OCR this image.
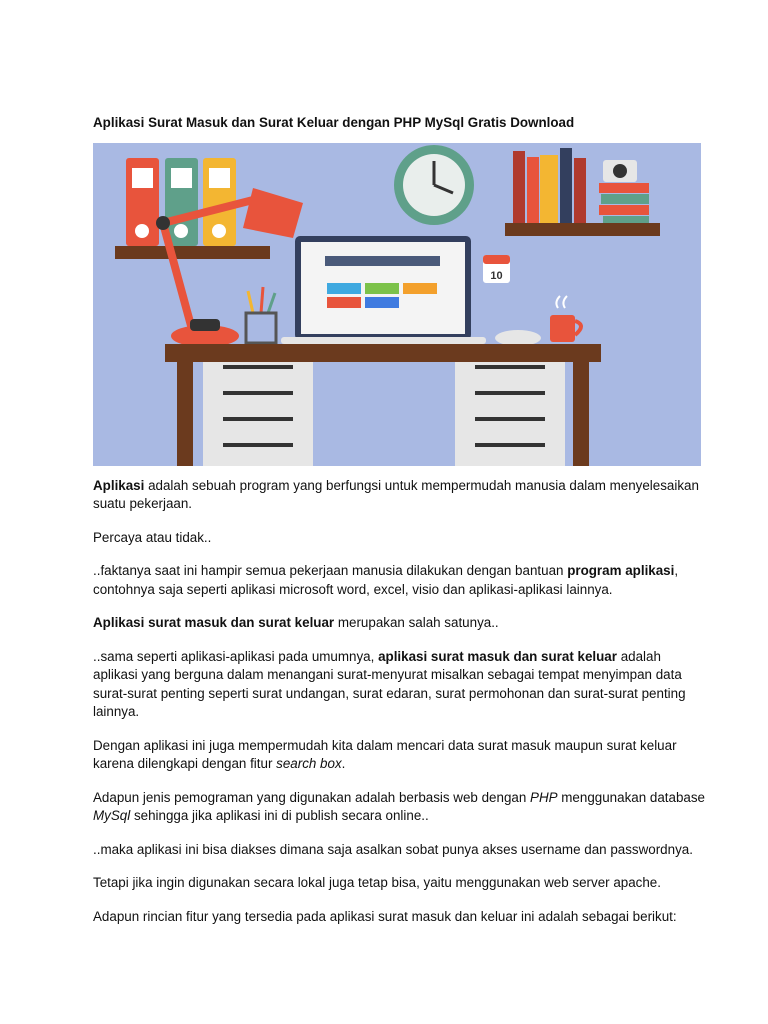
Aplikasi Surat Masuk dan Surat Keluar dengan PHP MySql Gratis Download
10

Aplikasi adalah sebuah program yang berfungsi untuk mempermudah manusia dalam menyelesaikan suatu pekerjaan.

Percaya atau tidak..

..faktanya saat ini hampir semua pekerjaan manusia dilakukan dengan bantuan program aplikasi, contohnya saja seperti aplikasi microsoft word, excel, visio dan aplikasi-aplikasi lainnya.

Aplikasi surat masuk dan surat keluar merupakan salah satunya..

..sama seperti aplikasi-aplikasi pada umumnya, aplikasi surat masuk dan surat keluar adalah aplikasi yang berguna dalam menangani surat-menyurat misalkan sebagai tempat menyimpan data surat-surat penting seperti surat undangan, surat edaran, surat permohonan dan surat-surat penting lainnya.

Dengan aplikasi ini juga mempermudah kita dalam mencari data surat masuk maupun surat keluar karena dilengkapi dengan fitur search box.

Adapun jenis pemograman yang digunakan adalah berbasis web dengan PHP menggunakan database MySql sehingga jika aplikasi ini di publish secara online..

..maka aplikasi ini bisa diakses dimana saja asalkan sobat punya akses username dan passwordnya.

Tetapi jika ingin digunakan secara lokal juga tetap bisa, yaitu menggunakan web server apache.

Adapun rincian fitur yang tersedia pada aplikasi surat masuk dan keluar ini adalah sebagai berikut:
